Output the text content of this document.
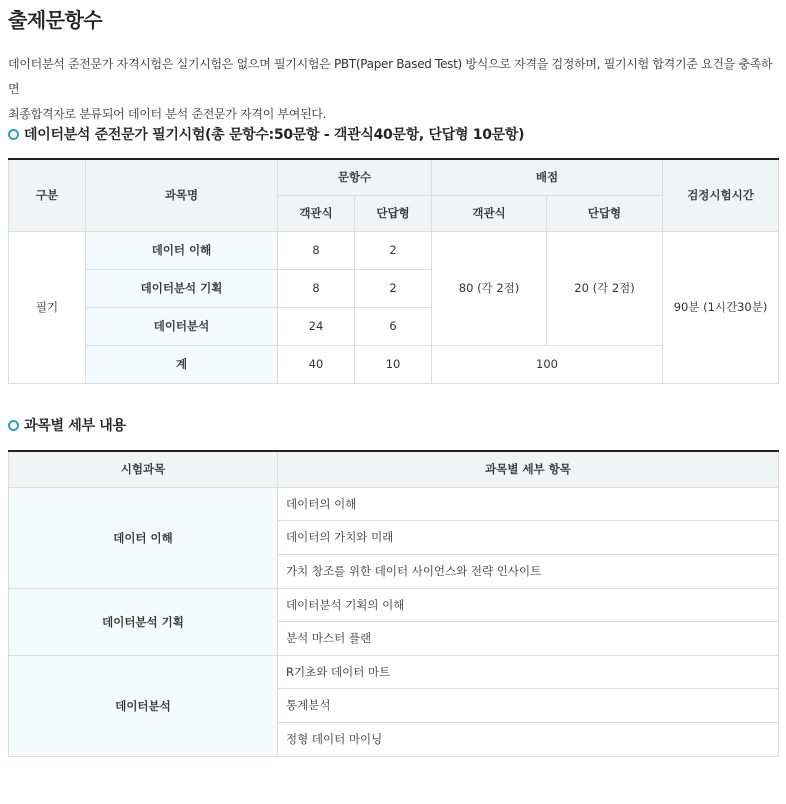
출제문항수
데이터분석 준전문가 자격시험은 실기시험은 없으며 필기시험은 PBT(Paper Based Test) 방식으로 자격을 검정하며, 필기시험 합격기준 요건을 충족하면
최종합격자로 분류되어 데이터 분석 준전문가 자격이 부여된다.
데이터분석 준전문가 필기시험(총 문항수:50문항 - 객관식40문항, 단답형 10문항)
구분	과목명	문항수		배점		검정시험시간
		객관식	단답형	객관식	단답형	
필기	데이터 이해	8	2	80 (각 2점)	20 (각 2점)	90분 (1시간30분)
	데이터분석 기획	8	2			
	데이터분석	24	6			
	계	40	10	100		
과목별 세부 내용
시험과목	과목별 세부 항목
데이터 이해	데이터의 이해
	데이터의 가치와 미래
	가치 창조를 위한 데이터 사이언스와 전략 인사이트
데이터분석 기획	데이터분석 기획의 이해
	분석 마스터 플랜
데이터분석	R기초와 데이터 마트
	통계분석
	정형 데이터 마이닝
